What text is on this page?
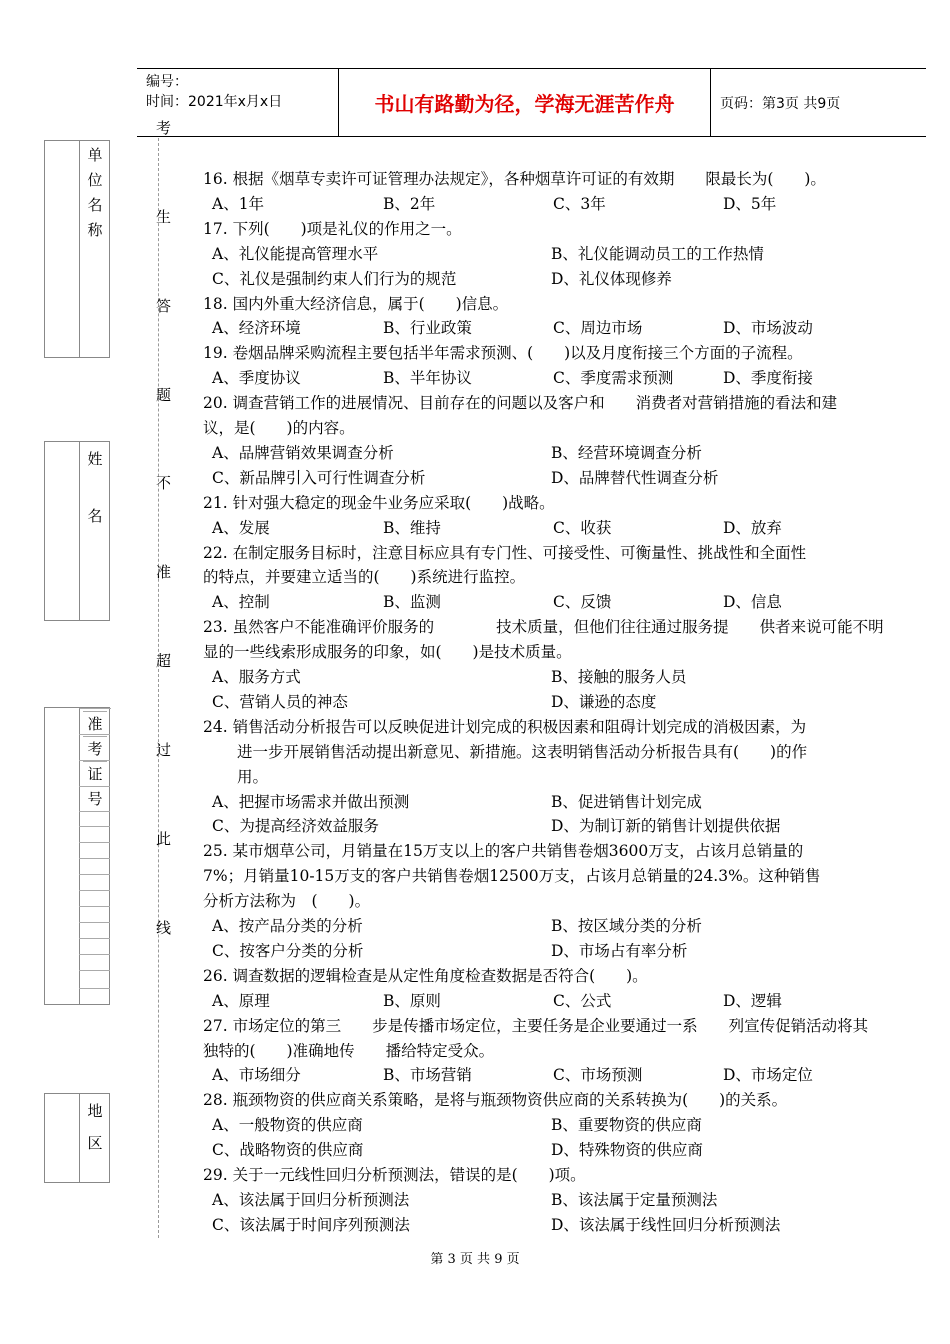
编号：
时间：2021年x月x日	书山有路勤为径，学海无涯苦作舟	页码：第3页 共9页
单
位
名
称
姓
名
准
考
证
号
地
区
考
生
答
题
不
准
超
过
此
线
16. 根据《烟草专卖许可证管理办法规定》，各种烟草许可证的有效期　　限最长为(　　)。
A、1年	B、2年	C、3年	D、5年
17. 下列(　　)项是礼仪的作用之一。
A、礼仪能提高管理水平	B、礼仪能调动员工的工作热情
C、礼仪是强制约束人们行为的规范	D、礼仪体现修养
18. 国内外重大经济信息，属于(　　)信息。
A、经济环境	B、行业政策	C、周边市场	D、市场波动
19. 卷烟品牌采购流程主要包括半年需求预测、(　　)以及月度衔接三个方面的子流程。
A、季度协议	B、半年协议	C、季度需求预测	D、季度衔接
20. 调查营销工作的进展情况、目前存在的问题以及客户和　　消费者对营销措施的看法和建
议，是(　　)的内容。
A、品牌营销效果调查分析	B、经营环境调查分析
C、新品牌引入可行性调查分析	D、品牌替代性调查分析
21. 针对强大稳定的现金牛业务应采取(　　)战略。
A、发展	B、维持	C、收获	D、放弃
22. 在制定服务目标时，注意目标应具有专门性、可接受性、可衡量性、挑战性和全面性
的特点，并要建立适当的(　　)系统进行监控。
A、控制	B、监测	C、反馈	D、信息
23. 虽然客户不能准确评价服务的　　　　技术质量，但他们往往通过服务提　　供者来说可能不明
显的一些线索形成服务的印象，如(　　)是技术质量。
A、服务方式	B、接触的服务人员
C、营销人员的神态	D、谦逊的态度
24. 销售活动分析报告可以反映促进计划完成的积极因素和阻碍计划完成的消极因素，为
进一步开展销售活动提出新意见、新措施。这表明销售活动分析报告具有(　　)的作
用。
A、把握市场需求并做出预测	B、促进销售计划完成
C、为提高经济效益服务	D、为制订新的销售计划提供依据
25. 某市烟草公司，月销量在15万支以上的客户共销售卷烟3600万支，占该月总销量的
7%；月销量10-15万支的客户共销售卷烟12500万支，占该月总销量的24.3%。这种销售
分析方法称为　(　　)。
A、按产品分类的分析	B、按区域分类的分析
C、按客户分类的分析	D、市场占有率分析
26. 调查数据的逻辑检查是从定性角度检查数据是否符合(　　)。
A、原理	B、原则	C、公式	D、逻辑
27. 市场定位的第三　　步是传播市场定位，主要任务是企业要通过一系　　列宣传促销活动将其
独特的(　　)准确地传　　播给特定受众。
A、市场细分	B、市场营销	C、市场预测	D、市场定位
28. 瓶颈物资的供应商关系策略，是将与瓶颈物资供应商的关系转换为(　　)的关系。
A、一般物资的供应商	B、重要物资的供应商
C、战略物资的供应商	D、特殊物资的供应商
29. 关于一元线性回归分析预测法，错误的是(　　)项。
A、该法属于回归分析预测法	B、该法属于定量预测法
C、该法属于时间序列预测法	D、该法属于线性回归分析预测法
第 3 页 共 9 页
